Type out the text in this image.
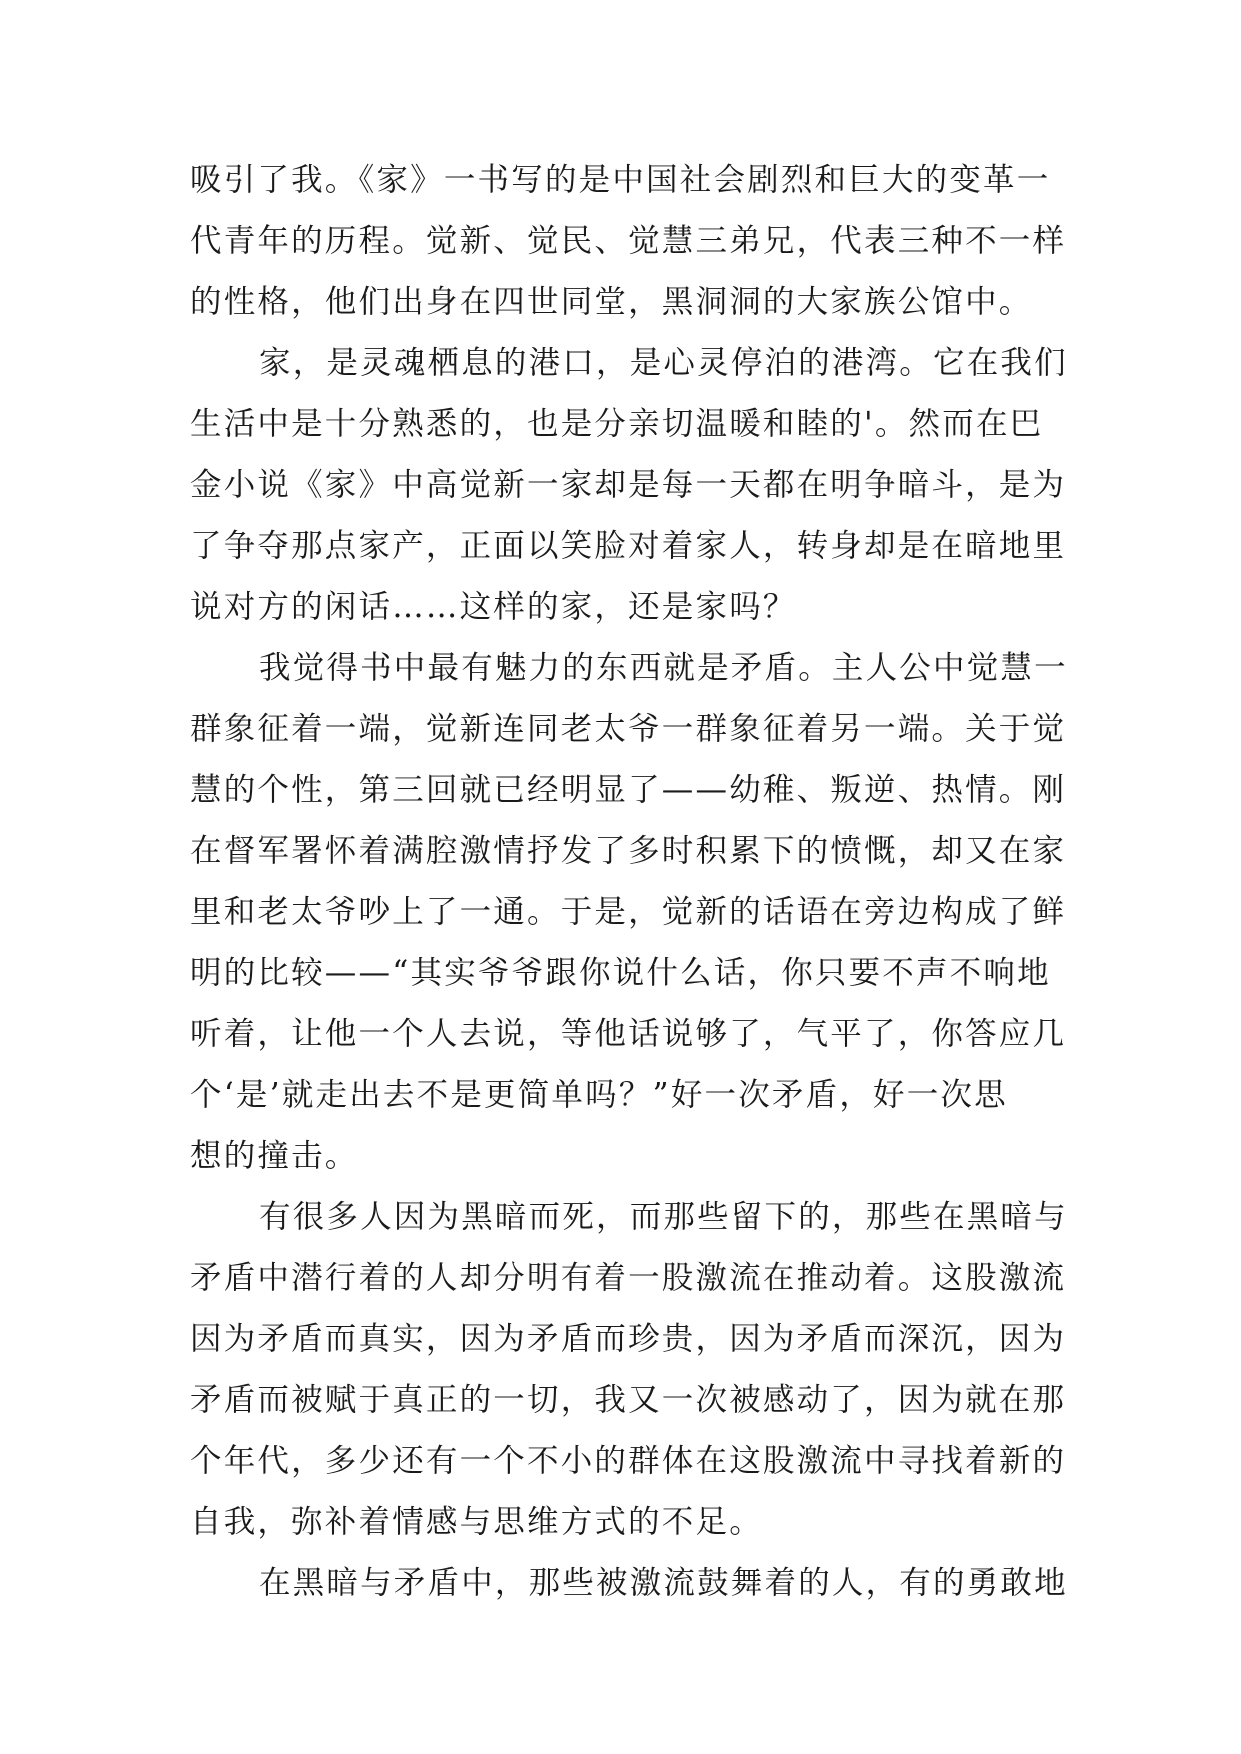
吸引了我。《家》一书写的是中国社会剧烈和巨大的变革一
代青年的历程。觉新、觉民、觉慧三弟兄，代表三种不一样
的性格，他们出身在四世同堂，黑洞洞的大家族公馆中。
家，是灵魂栖息的港口，是心灵停泊的港湾。它在我们
生活中是十分熟悉的，也是分亲切温暖和睦的'。然而在巴
金小说《家》中高觉新一家却是每一天都在明争暗斗，是为
了争夺那点家产，正面以笑脸对着家人，转身却是在暗地里
说对方的闲话……这样的家，还是家吗？
我觉得书中最有魅力的东西就是矛盾。主人公中觉慧一
群象征着一端，觉新连同老太爷一群象征着另一端。关于觉
慧的个性，第三回就已经明显了——幼稚、叛逆、热情。刚
在督军署怀着满腔激情抒发了多时积累下的愤慨，却又在家
里和老太爷吵上了一通。于是，觉新的话语在旁边构成了鲜
明的比较——“其实爷爷跟你说什么话，你只要不声不响地
听着，让他一个人去说，等他话说够了，气平了，你答应几
个‘是’就走出去不是更简单吗？”好一次矛盾，好一次思
想的撞击。
有很多人因为黑暗而死，而那些留下的，那些在黑暗与
矛盾中潜行着的人却分明有着一股激流在推动着。这股激流
因为矛盾而真实，因为矛盾而珍贵，因为矛盾而深沉，因为
矛盾而被赋于真正的一切，我又一次被感动了，因为就在那
个年代，多少还有一个不小的群体在这股激流中寻找着新的
自我，弥补着情感与思维方式的不足。
在黑暗与矛盾中，那些被激流鼓舞着的人，有的勇敢地
